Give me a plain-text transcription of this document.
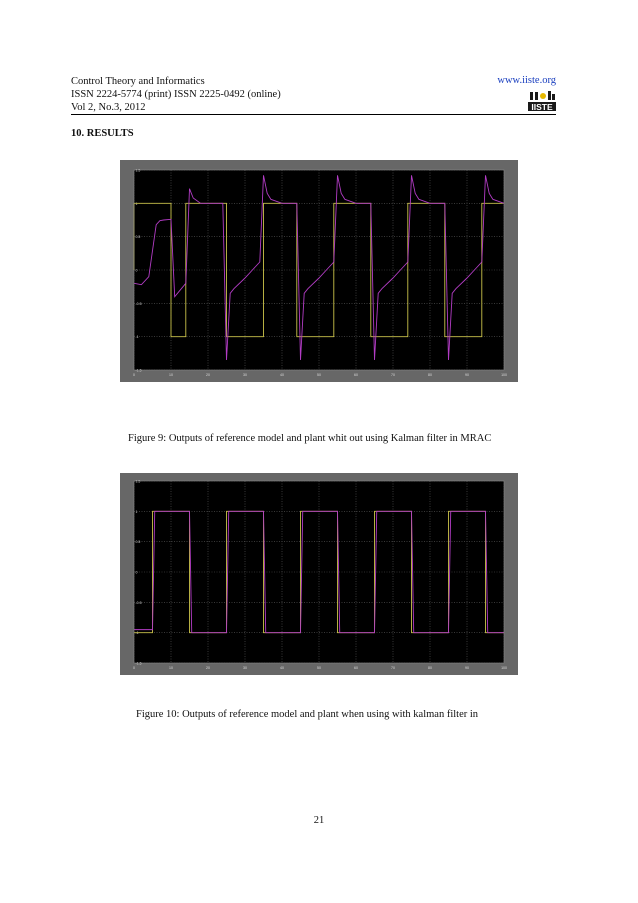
Control Theory and Informatics
ISSN 2224-5774 (print) ISSN 2225-0492 (online)
Vol 2, No.3, 2012
www.iiste.org
IISTE
10. RESULTS
0	10	20	30	40	50	60	70	80	90	100
-1.5
-1
-0.5
0
0.5
1
1.5
Figure 9: Outputs of reference model and plant whit out using Kalman filter in MRAC
0	10	20	30	40	50	60	70	80	90	100
-1.5
-1
-0.5
0
0.5
1
1.5
Figure 10: Outputs of reference model and plant when using with kalman filter in
21
